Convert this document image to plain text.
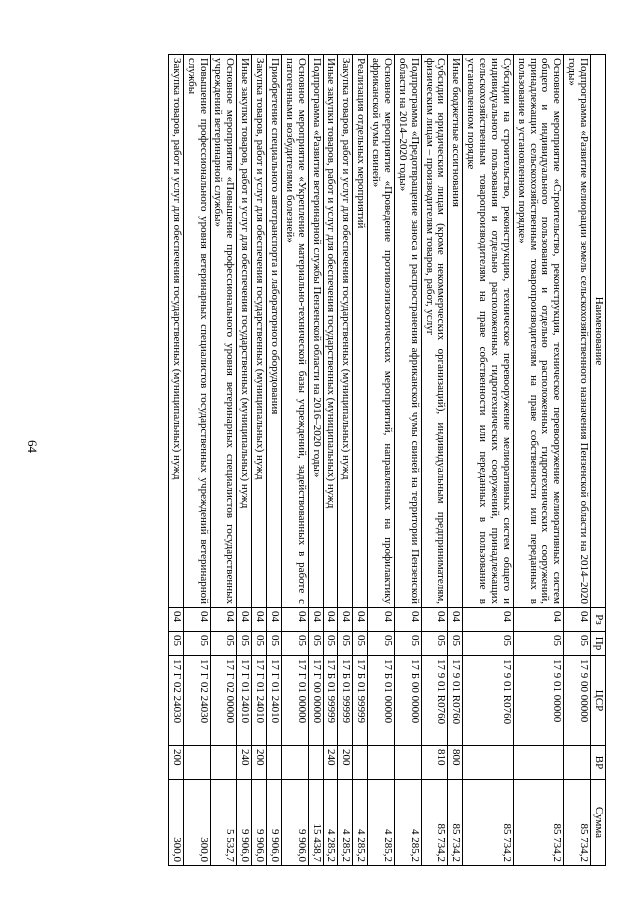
64
Наименование	Рз	Пр	ЦСР	ВР	Сумма
Подпрограмма «Развитие мелиорации земель сельскохозяйственного назначения Пензенской области на 2014–2020 годы»	04	05	17 9 00 00000		85 734,2
Основное мероприятие «Строительство, реконструкция, техническое перевооружение мелиоративных систем общего и индивидуального пользования и отдельно расположенных гидротехнических сооружений, принадлежащих сельскохозяйственным товаропроизводителям на праве собственности или переданных в пользование в установленном порядке»	04	05	17 9 01 00000		85 734,2
Субсидии на строительство, реконструкцию, техническое перевооружение мелиоративных систем общего и индивидуального пользования и отдельно расположенных гидротехнических сооружений, принадлежащих сельскохозяйственным товаропроизводителям на праве собственности или переданных в пользование в установленном порядке	04	05	17 9 01 R0760		85 734,2
Иные бюджетные ассигнования	04	05	17 9 01 R0760	800	85 734,2
Субсидии юридическим лицам (кроме некоммерческих организаций), индивидуальным предпринимателям, физическим лицам – производителям товаров, работ, услуг	04	05	17 9 01 R0760	810	85 734,2
Подпрограмма «Предотвращение заноса и распространения африканской чумы свиней на территории Пензенской области на 2014–2020 годы»	04	05	17 Б 00 00000		4 285,2
Основное мероприятие «Проведение противоэпизоотических мероприятий, направленных на профилактику африканской чумы свиней»	04	05	17 Б 01 00000		4 285,2
Реализация отдельных мероприятий	04	05	17 Б 01 99999		4 285,2
Закупка товаров, работ и услуг для обеспечения государственных (муниципальных) нужд	04	05	17 Б 01 99999	200	4 285,2
Иные закупки товаров, работ и услуг для обеспечения государственных (муниципальных) нужд	04	05	17 Б 01 99999	240	4 285,2
Подпрограмма «Развитие ветеринарной службы Пензенской области на 2016–2020 годы»	04	05	17 Г 00 00000		15 438,7
Основное мероприятие «Укрепление материально-технической базы учреждений, задействованных в работе с патогенными возбудителями болезней»	04	05	17 Г 01 00000		9 906,0
Приобретение специального автотранспорта и лабораторного оборудования	04	05	17 Г 01 24010		9 906,0
Закупка товаров, работ и услуг для обеспечения государственных (муниципальных) нужд	04	05	17 Г 01 24010	200	9 906,0
Иные закупки товаров, работ и услуг для обеспечения государственных (муниципальных) нужд	04	05	17 Г 01 24010	240	9 906,0
Основное мероприятие «Повышение профессионального уровня ветеринарных специалистов государственных учреждений ветеринарной службы»	04	05	17 Г 02 00000		5 532,7
Повышение профессионального уровня ветеринарных специалистов государственных учреждений ветеринарной службы	04	05	17 Г 02 24030		300,0
Закупка товаров, работ и услуг для обеспечения государственных (муниципальных) нужд	04	05	17 Г 02 24030	200	300,0
